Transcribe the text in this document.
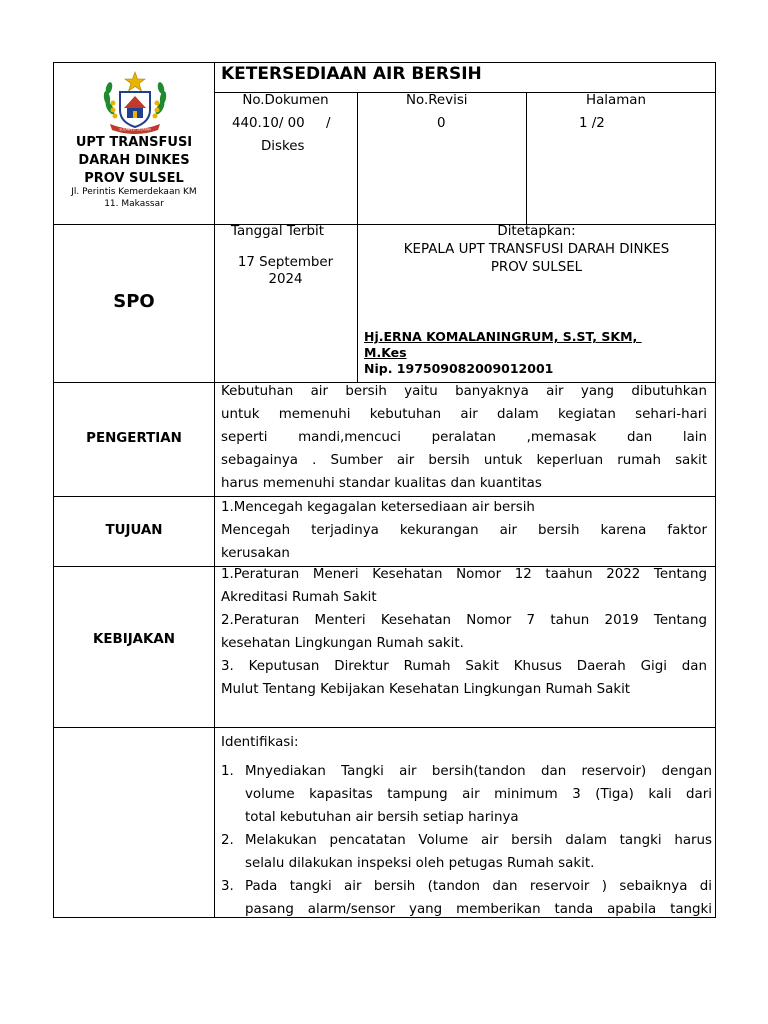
SULAWESI SELATAN
UPT TRANSFUSI
DARAH DINKES
PROV SULSEL
Jl. Perintis Kemerdekaan KM
11. Makassar
KETERSEDIAAN AIR BERSIH
No.Dokumen
440.10/ 00     /
Diskes
No.Revisi
0
Halaman
1 /2
SPO
Tanggal Terbit
17 September
2024
Ditetapkan:
KEPALA UPT TRANSFUSI DARAH DINKES
PROV SULSEL
Hj.ERNA KOMALANINGRUM, S.ST, SKM,
M.Kes
Nip. 197509082009012001
PENGERTIAN
Kebutuhan air bersih yaitu banyaknya air yang dibutuhkan
untuk memenuhi kebutuhan air dalam kegiatan sehari-hari
seperti mandi,mencuci peralatan ,memasak dan lain
sebagainya . Sumber air bersih untuk keperluan rumah sakit
harus memenuhi standar kualitas dan kuantitas
TUJUAN
1.Mencegah kegagalan ketersediaan air bersih
Mencegah terjadinya kekurangan air bersih karena faktor
kerusakan
KEBIJAKAN
1.Peraturan Meneri Kesehatan Nomor 12 taahun 2022 Tentang
Akreditasi Rumah Sakit
2.Peraturan Menteri Kesehatan Nomor 7 tahun 2019 Tentang
kesehatan Lingkungan Rumah sakit.
3. Keputusan Direktur Rumah Sakit Khusus Daerah Gigi dan
Mulut Tentang Kebijakan Kesehatan Lingkungan Rumah Sakit
Identifikasi:
1. Mnyediakan Tangki air bersih(tandon dan reservoir) dengan
volume kapasitas tampung air minimum 3 (Tiga) kali dari
total kebutuhan air bersih setiap harinya
2. Melakukan pencatatan Volume air bersih dalam tangki harus
selalu dilakukan inspeksi oleh petugas Rumah sakit.
3. Pada tangki air bersih (tandon dan reservoir ) sebaiknya di
pasang alarm/sensor yang memberikan tanda apabila tangki
